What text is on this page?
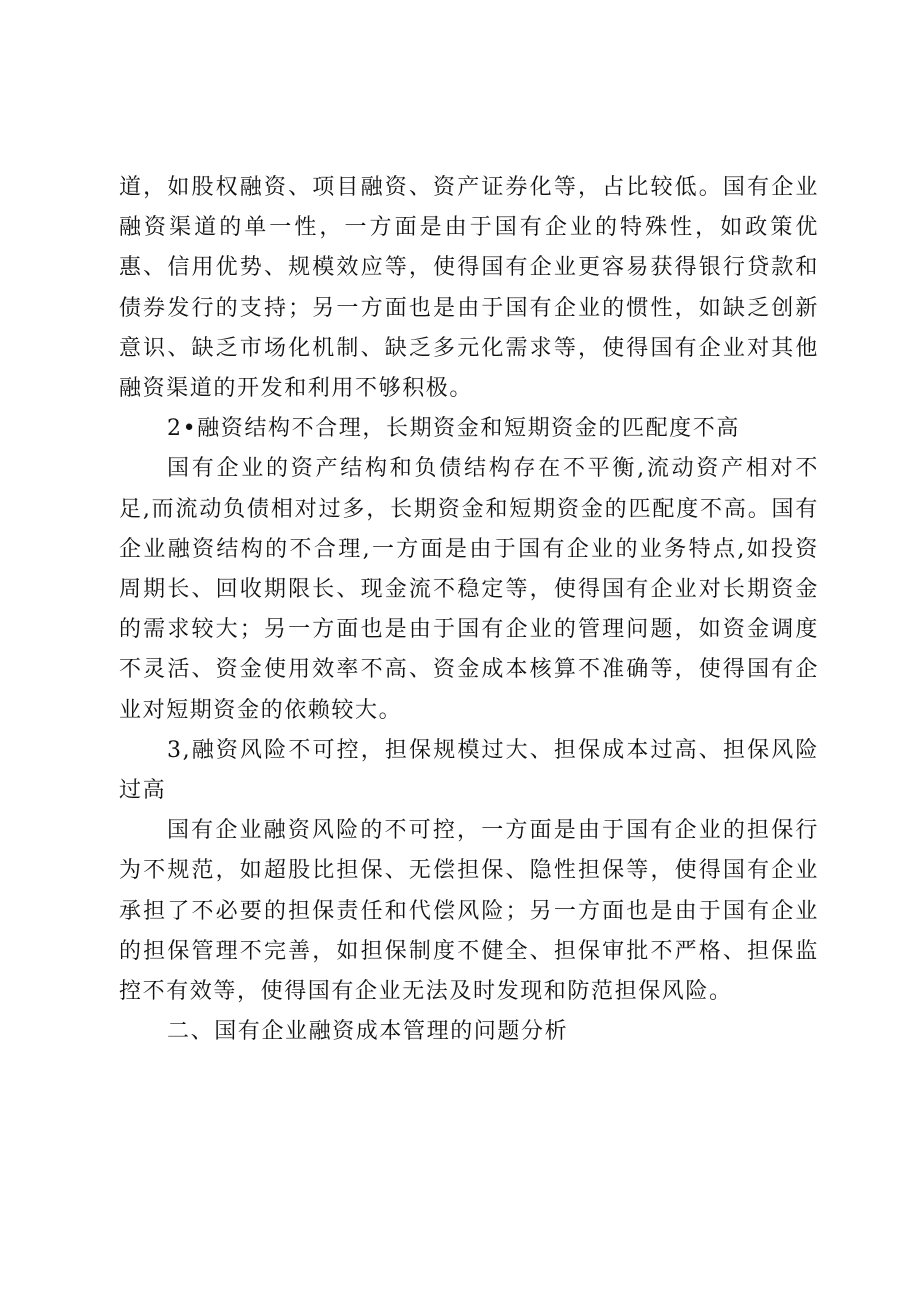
道，如股权融资、项目融资、资产证券化等，占比较低。国有企业融资渠道的单一性，一方面是由于国有企业的特殊性，如政策优惠、信用优势、规模效应等，使得国有企业更容易获得银行贷款和债券发行的支持；另一方面也是由于国有企业的惯性，如缺乏创新意识、缺乏市场化机制、缺乏多元化需求等，使得国有企业对其他融资渠道的开发和利用不够积极。

2•融资结构不合理，长期资金和短期资金的匹配度不高

国有企业的资产结构和负债结构存在不平衡,流动资产相对不足,而流动负债相对过多，长期资金和短期资金的匹配度不高。国有企业融资结构的不合理,一方面是由于国有企业的业务特点,如投资周期长、回收期限长、现金流不稳定等，使得国有企业对长期资金的需求较大；另一方面也是由于国有企业的管理问题，如资金调度不灵活、资金使用效率不高、资金成本核算不准确等，使得国有企业对短期资金的依赖较大。

3,融资风险不可控，担保规模过大、担保成本过高、担保风险过高

国有企业融资风险的不可控，一方面是由于国有企业的担保行为不规范，如超股比担保、无偿担保、隐性担保等，使得国有企业承担了不必要的担保责任和代偿风险；另一方面也是由于国有企业的担保管理不完善，如担保制度不健全、担保审批不严格、担保监控不有效等，使得国有企业无法及时发现和防范担保风险。

二、国有企业融资成本管理的问题分析
